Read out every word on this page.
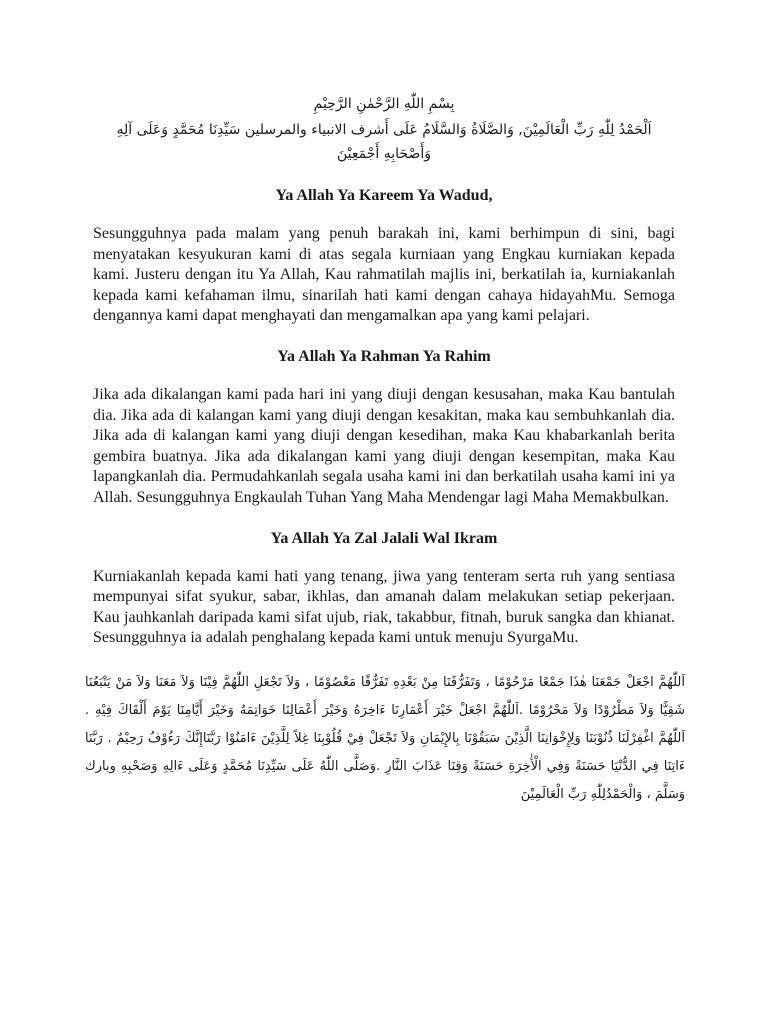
بِسْمِ اللّٰهِ الرَّحْمٰنِ الرَّحِيْمِ

اَلْحَمْدُ لِلّٰهِ رَبِّ الْعَالَمِيْنَ, وَالصَّلَاةُ وَالسَّلَامُ عَلَى أَشرف الانبياء والمرسلين سَيِّدِنَا مُحَمَّدٍ وَعَلَى آلِهِ وَأَصْحَابِهِ أَجْمَعِيْنَ

Ya Allah Ya Kareem Ya Wadud,

Sesungguhnya pada malam yang penuh barakah ini, kami berhimpun di sini, bagi menyatakan kesyukuran kami di atas segala kurniaan yang Engkau kurniakan kepada kami. Justeru dengan itu Ya Allah, Kau rahmatilah majlis ini, berkatilah ia, kurniakanlah kepada kami kefahaman ilmu, sinarilah hati kami dengan cahaya hidayahMu. Semoga dengannya kami dapat menghayati dan mengamalkan apa yang kami pelajari.

Ya Allah Ya Rahman Ya Rahim

Jika ada dikalangan kami pada hari ini yang diuji dengan kesusahan, maka Kau bantulah dia. Jika ada di kalangan kami yang diuji dengan kesakitan, maka kau sembuhkanlah dia. Jika ada di kalangan kami yang diuji dengan kesedihan, maka Kau khabarkanlah berita gembira buatnya. Jika ada dikalangan kami yang diuji dengan kesempitan, maka Kau lapangkanlah dia. Permudahkanlah segala usaha kami ini dan berkatilah usaha kami ini ya Allah. Sesungguhnya Engkaulah Tuhan Yang Maha Mendengar lagi Maha Memakbulkan.

Ya Allah Ya Zal Jalali Wal Ikram

Kurniakanlah kepada kami hati yang tenang, jiwa yang tenteram serta ruh yang sentiasa mempunyai sifat syukur, sabar, ikhlas, dan amanah dalam melakukan setiap pekerjaan. Kau jauhkanlah daripada kami sifat ujub, riak, takabbur, fitnah, buruk sangka dan khianat. Sesungguhnya ia adalah penghalang kepada kami untuk menuju SyurgaMu.

اَللّٰهُمَّ اجْعَلْ جَمْعَنَا هٰذَا جَمْعًا مَرْحُوْمًا ، وَتَفَرُّقَنَا مِنْ بَعْدِهِ تَفَرُّقًا مَعْصُوْمًا ، وَلاَ تَجْعَلِ اللّٰهُمَّ فِيْنَا وَلاَ مَعَنَا وَلاَ مَنْ يَتْبَعُنَا شَقِيًّا وَلاَ مَطْرُوْدًا وَلاَ مَحْرُوْمًا .اَللّٰهُمَّ اجْعَلْ خَيْرَ أَعْمَارِنَا ءَاخِرَهُ وَخَيْرَ أَعْمَالِنَا خَوَاتِمَهُ وَخَيْرَ أَيَّامِنَا يَوْمَ أَلْقَاكَ فِيْهِ . اَللّٰهُمَّ اغْفِرْلَنَا ذُنُوْبَنَا وَلِإِخْوَانِنَا الَّذِيْنَ سَبَقُوْنَا بِالإِيْمَانِ وَلاَ تَجْعَلْ فِيْ قُلُوْبِنَا غِلاً لِلَّذِيْنَ ءَامَنُوْا رَبَّنَاإِنَّكَ رَءُوْفٌ رَحِيْمٌ . رَبَّنَا ءَاتِنَا فِي الدُّنْيَا حَسَنَةً وَفِي الْأٰخِرَةِ حَسَنَةً وَقِنَا عَذَابَ النَّارِ .وَصَلَّى اللّٰهُ عَلَى سَيِّدِنَا مُحَمَّدٍ وَعَلَى ءَالِهِ وَصَحْبِهِ وبارك وَسَلَّمَ ، وَالْحَمْدُلِلّٰهِ رَبِّ الْعَالَمِيْنَ
